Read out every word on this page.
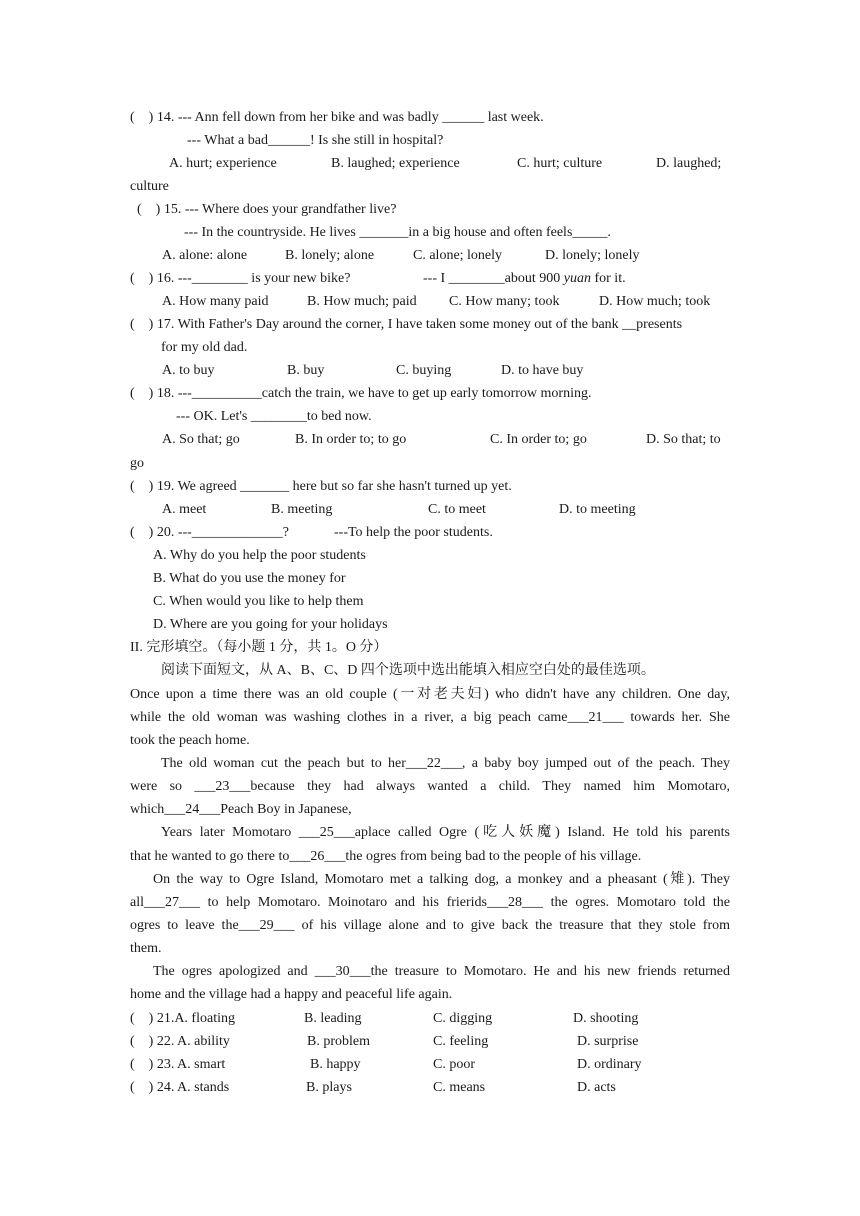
(    ) 14. --- Ann fell down from her bike and was badly ______ last week.
--- What a bad______! Is she still in hospital?
A. hurt; experience	B. laughed; experience	C. hurt; culture	D. laughed;
culture
(    ) 15. --- Where does your grandfather live?
--- In the countryside. He lives _______in a big house and often feels_____.
A. alone: alone	B. lonely; alone	C. alone; lonely	D. lonely; lonely
(    ) 16. ---________ is your new bike?	--- I ________about 900 yuan for it.
A. How many paid	B. How much; paid C. How many; took	D. How much; took
(    ) 17. With Father's Day around the corner, I have taken some money out of the bank __presents
for my old dad.
A. to buy	B. buy	C. buying	D. to have buy
(    ) 18. ---__________catch the train, we have to get up early tomorrow morning.
--- OK. Let's ________to bed now.
A. So that; go	B. In order to; to go	C. In order to; go	D. So that; to
go
(    ) 19. We agreed _______ here but so far she hasn't turned up yet.
A. meet	B. meeting	C. to meet	D. to meeting
(    ) 20. ---_____________?	---To help the poor students.
A. Why do you help the poor students
B. What do you use the money for
C. When would you like to help them
D. Where are you going for your holidays
II. 完形填空。（每小题 1 分，共 1。O 分）
阅读下面短文，从 A、B、C、D 四个选项中选出能填入相应空白处的最佳选项。
Once upon a time there was an old couple (一对老夫妇) who didn't have any children. One day,
while the old woman was washing clothes in a river, a big peach came___21___ towards her. She
took the peach home.
The old woman cut the peach but to her___22___, a baby boy jumped out of the peach. They
were so ___23___because they had always wanted a child. They named him Momotaro,
which___24___Peach Boy in Japanese,
Years later Momotaro ___25___aplace called Ogre (吃人妖魔) Island. He told his parents
that he wanted to go there to___26___the ogres from being bad to the people of his village.
On the way to Ogre Island, Momotaro met a talking dog, a monkey and a pheasant (雉). They
all___27___ to help Momotaro. Moinotaro and his frierids___28___ the ogres. Momotaro told the
ogres to leave the___29___ of his village alone and to give back the treasure that they stole from
them.
The ogres apologized and ___30___the treasure to Momotaro. He and his new friends returned
home and the village had a happy and peaceful life again.
(    ) 21.A. floating	B. leading	C. digging	D. shooting
(    ) 22. A. ability	B. problem	C. feeling	D. surprise
(    ) 23. A. smart	B. happy	C. poor	D. ordinary
(    ) 24. A. stands	B. plays	C. means	D. acts
